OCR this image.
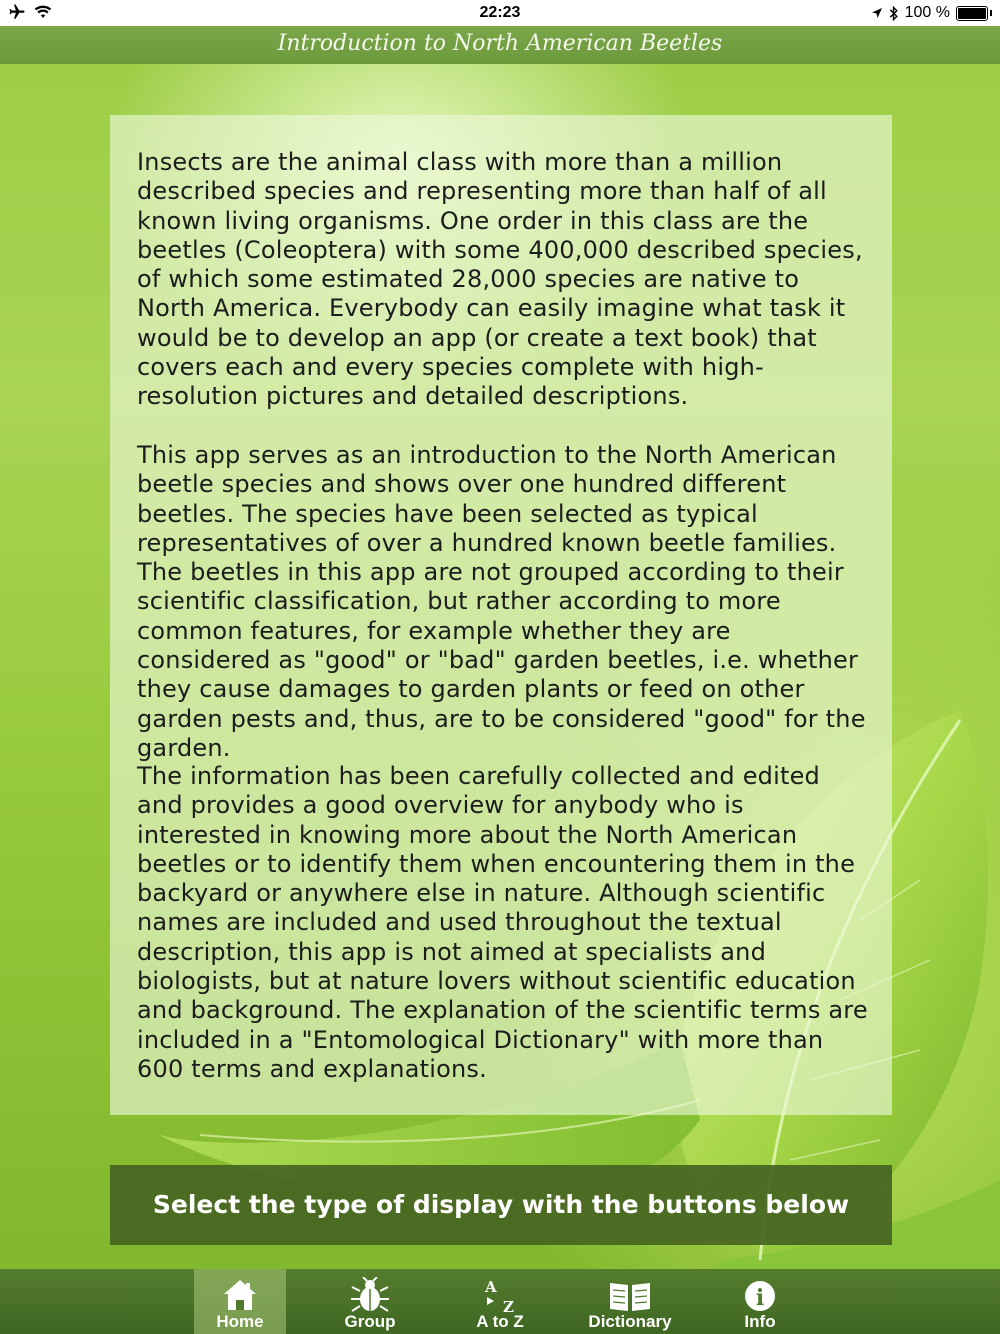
22:23	100 %
Introduction to North American Beetles

Insects are the animal class with more than a million described species and representing more than half of all known living organisms. One order in this class are the beetles (Coleoptera) with some 400,000 described species, of which some estimated 28,000 species are native to North America. Everybody can easily imagine what task it would be to develop an app (or create a text book) that covers each and every species complete with high-resolution pictures and detailed descriptions.

This app serves as an introduction to the North American beetle species and shows over one hundred different beetles. The species have been selected as typical representatives of over a hundred known beetle families. The beetles in this app are not grouped according to their scientific classification, but rather according to more common features, for example whether they are considered as "good" or "bad" garden beetles, i.e. whether they cause damages to garden plants or feed on other garden pests and, thus, are to be considered "good" for the garden.

The information has been carefully collected and edited and provides a good overview for anybody who is interested in knowing more about the North American beetles or to identify them when encountering them in the backyard or anywhere else in nature. Although scientific names are included and used throughout the textual description, this app is not aimed at specialists and biologists, but at nature lovers without scientific education and background. The explanation of the scientific terms are included in a "Entomological Dictionary" with more than 600 terms and explanations.

Select the type of display with the buttons below
Home	Group
A
Z
A to Z	Dictionary
i
Info
